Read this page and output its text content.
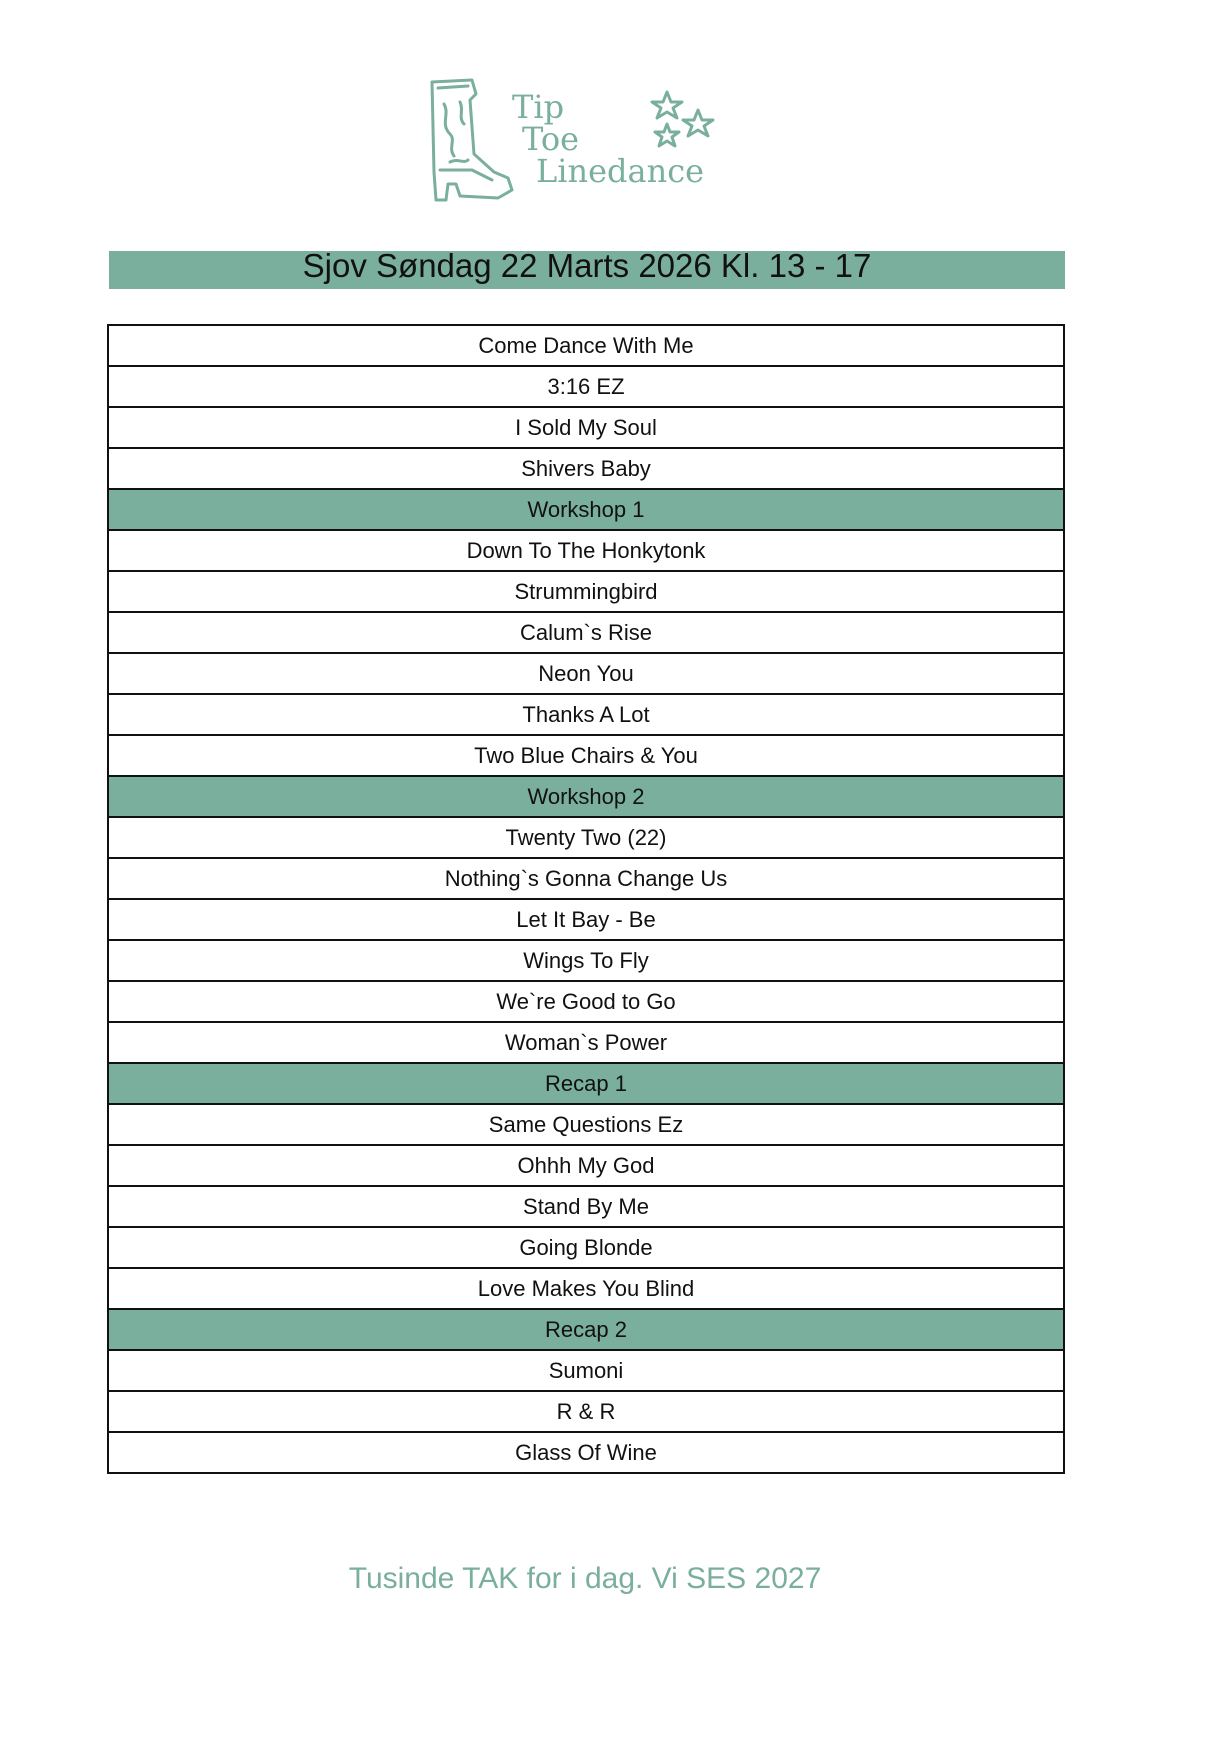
Tip
Toe
Linedance
Sjov Søndag 22 Marts 2026 Kl. 13 - 17
Come Dance With Me
3:16 EZ
I Sold My Soul
Shivers Baby
Workshop 1
Down To The Honkytonk
Strummingbird
Calum`s Rise
Neon You
Thanks A Lot
Two Blue Chairs & You
Workshop 2
Twenty Two (22)
Nothing`s Gonna Change Us
Let It Bay - Be
Wings To Fly
We`re Good to Go
Woman`s Power
Recap 1
Same Questions Ez
Ohhh My God
Stand By Me
Going Blonde
Love Makes You Blind
Recap 2
Sumoni
R & R
Glass Of Wine
Tusinde TAK for i dag. Vi SES 2027
